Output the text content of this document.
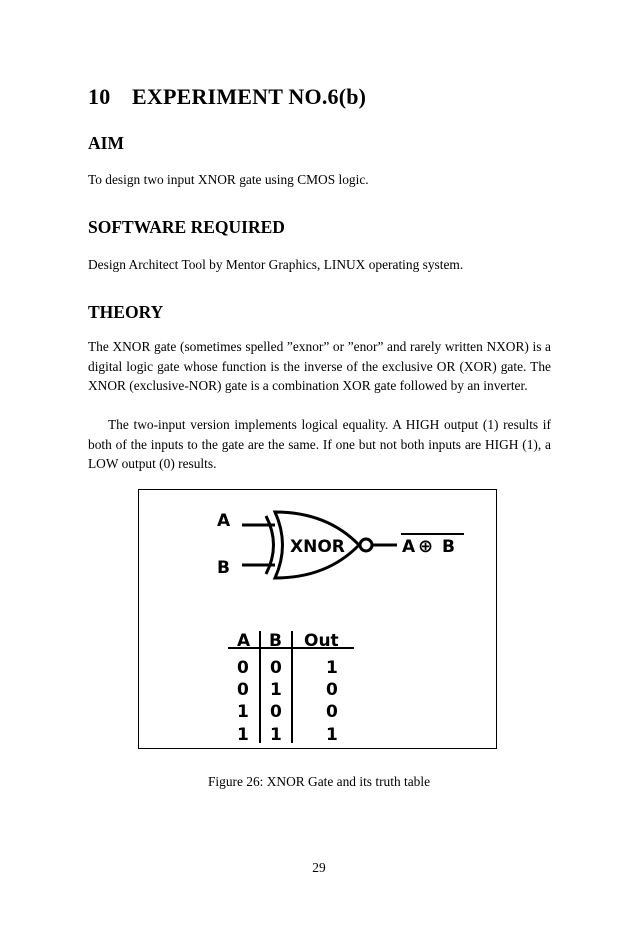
10 EXPERIMENT NO.6(b)
AIM

To design two input XNOR gate using CMOS logic.

SOFTWARE REQUIRED

Design Architect Tool by Mentor Graphics, LINUX operating system.

THEORY

The XNOR gate (sometimes spelled ”exnor” or ”enor” and rarely written NXOR) is a digital logic gate whose function is the inverse of the exclusive OR (XOR) gate. The XNOR (exclusive-NOR) gate is a combination XOR gate followed by an inverter.

The two-input version implements logical equality. A HIGH output (1) results if both of the inputs to the gate are the same. If one but not both inputs are HIGH (1), a LOW output (0) results.

A
B
XNOR	A ⊕ B
A B Out
0 0	1
0 1	0
1 0	0
1 1	1
Figure 26: XNOR Gate and its truth table
29
